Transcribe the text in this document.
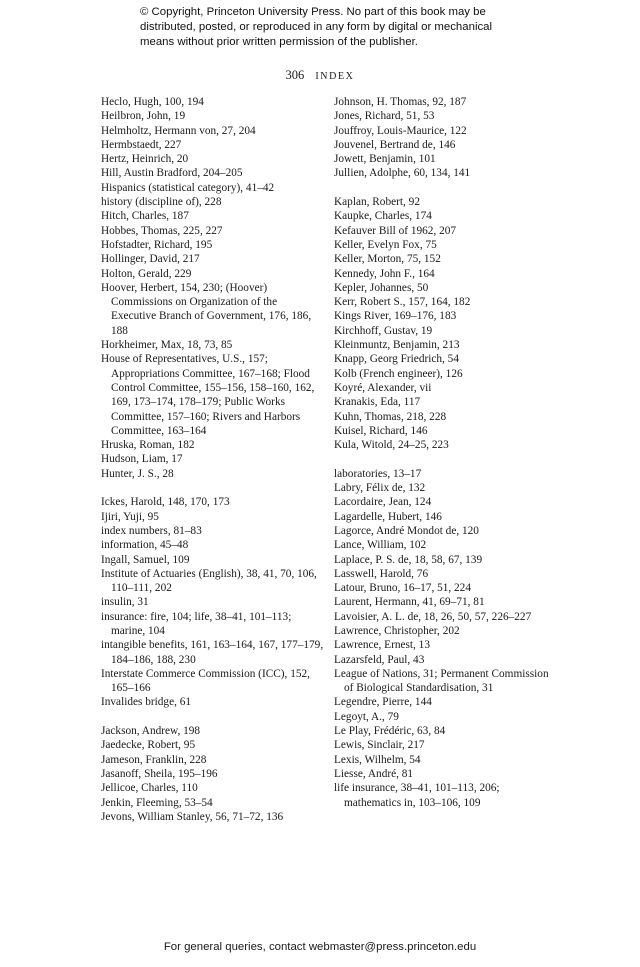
© Copyright, Princeton University Press. No part of this book may be
distributed, posted, or reproduced in any form by digital or mechanical
means without prior written permission of the publisher.
306 INDEX
Heclo, Hugh, 100, 194
Heilbron, John, 19
Helmholtz, Hermann von, 27, 204
Hermbstaedt, 227
Hertz, Heinrich, 20
Hill, Austin Bradford, 204–205
Hispanics (statistical category), 41–42
history (discipline of), 228
Hitch, Charles, 187
Hobbes, Thomas, 225, 227
Hofstadter, Richard, 195
Hollinger, David, 217
Holton, Gerald, 229
Hoover, Herbert, 154, 230; (Hoover) Commissions on Organization of the Executive Branch of Government, 176, 186, 188
Horkheimer, Max, 18, 73, 85
House of Representatives, U.S., 157; Appropriations Committee, 167–168; Flood Control Committee, 155–156, 158–160, 162, 169, 173–174, 178–179; Public Works Committee, 157–160; Rivers and Harbors Committee, 163–164
Hruska, Roman, 182
Hudson, Liam, 17
Hunter, J. S., 28
Ickes, Harold, 148, 170, 173
Ijiri, Yuji, 95
index numbers, 81–83
information, 45–48
Ingall, Samuel, 109
Institute of Actuaries (English), 38, 41, 70, 106, 110–111, 202
insulin, 31
insurance: fire, 104; life, 38–41, 101–113; marine, 104
intangible benefits, 161, 163–164, 167, 177–179, 184–186, 188, 230
Interstate Commerce Commission (ICC), 152, 165–166
Invalides bridge, 61
Jackson, Andrew, 198
Jaedecke, Robert, 95
Jameson, Franklin, 228
Jasanoff, Sheila, 195–196
Jellicoe, Charles, 110
Jenkin, Fleeming, 53–54
Jevons, William Stanley, 56, 71–72, 136
Johnson, H. Thomas, 92, 187
Jones, Richard, 51, 53
Jouffroy, Louis-Maurice, 122
Jouvenel, Bertrand de, 146
Jowett, Benjamin, 101
Jullien, Adolphe, 60, 134, 141
Kaplan, Robert, 92
Kaupke, Charles, 174
Kefauver Bill of 1962, 207
Keller, Evelyn Fox, 75
Keller, Morton, 75, 152
Kennedy, John F., 164
Kepler, Johannes, 50
Kerr, Robert S., 157, 164, 182
Kings River, 169–176, 183
Kirchhoff, Gustav, 19
Kleinmuntz, Benjamin, 213
Knapp, Georg Friedrich, 54
Kolb (French engineer), 126
Koyré, Alexander, vii
Kranakis, Eda, 117
Kuhn, Thomas, 218, 228
Kuisel, Richard, 146
Kula, Witold, 24–25, 223
laboratories, 13–17
Labry, Félix de, 132
Lacordaire, Jean, 124
Lagardelle, Hubert, 146
Lagorce, André Mondot de, 120
Lance, William, 102
Laplace, P. S. de, 18, 58, 67, 139
Lasswell, Harold, 76
Latour, Bruno, 16–17, 51, 224
Laurent, Hermann, 41, 69–71, 81
Lavoisier, A. L. de, 18, 26, 50, 57, 226–227
Lawrence, Christopher, 202
Lawrence, Ernest, 13
Lazarsfeld, Paul, 43
League of Nations, 31; Permanent Commission of Biological Standardisation, 31
Legendre, Pierre, 144
Legoyt, A., 79
Le Play, Frédéric, 63, 84
Lewis, Sinclair, 217
Lexis, Wilhelm, 54
Liesse, André, 81
life insurance, 38–41, 101–113, 206; mathematics in, 103–106, 109
For general queries, contact webmaster@press.princeton.edu
